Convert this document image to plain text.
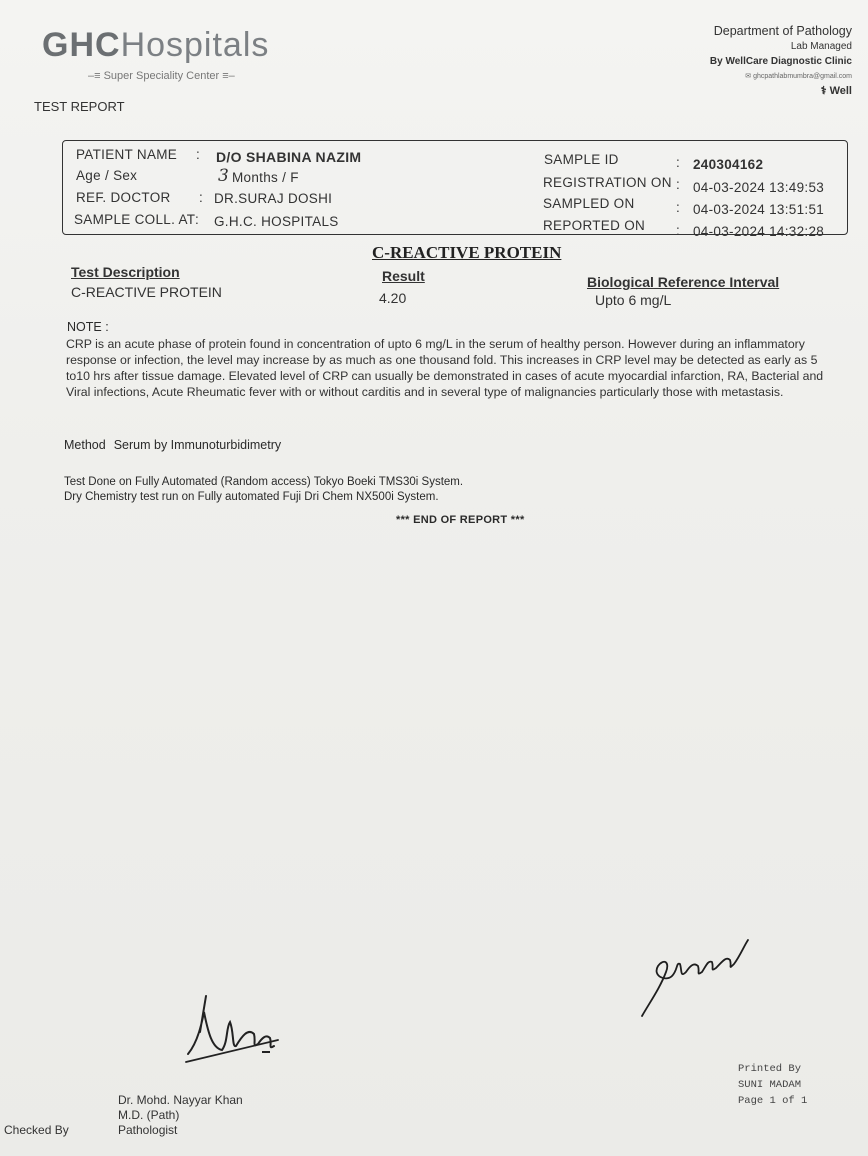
GHCHospitals
–≡ Super Speciality Center ≡–
Department of Pathology
Lab Managed
By WellCare Diagnostic Clinic
✉ ghcpathlabmumbra@gmail.com
⚕ Well
TEST REPORT
PATIENT NAME : D/O SHABINA NAZIM
Age / Sex	3 Months / F
REF. DOCTOR : DR.SURAJ DOSHI
SAMPLE COLL. AT : G.H.C. HOSPITALS
SAMPLE ID	: 240304162
REGISTRATION ON : 04-03-2024 13:49:53
SAMPLED ON	: 04-03-2024 13:51:51
REPORTED ON : 04-03-2024 14:32:28
C-REACTIVE PROTEIN
Test Description	Result	Biological Reference Interval
C-REACTIVE PROTEIN	4.20	Upto 6 mg/L
NOTE :
CRP is an acute phase of protein found in concentration of upto 6 mg/L in the serum of healthy person. However during an inflammatory response or infection, the level may increase by as much as one thousand fold. This increases in CRP level may be detected as early as 5 to10 hrs after tissue damage. Elevated level of CRP can usually be demonstrated in cases of acute myocardial infarction, RA, Bacterial and Viral infections, Acute Rheumatic fever with or without carditis and in several type of malignancies particularly those with metastasis.
Method Serum by Immunoturbidimetry
Test Done on Fully Automated (Random access) Tokyo Boeki TMS30i System.
Dry Chemistry test run on Fully automated Fuji Dri Chem NX500i System.
*** END OF REPORT ***
Dr. Mohd. Nayyar Khan
M.D. (Path)
Pathologist
Checked By
Printed By
SUNI MADAM
Page 1 of 1
